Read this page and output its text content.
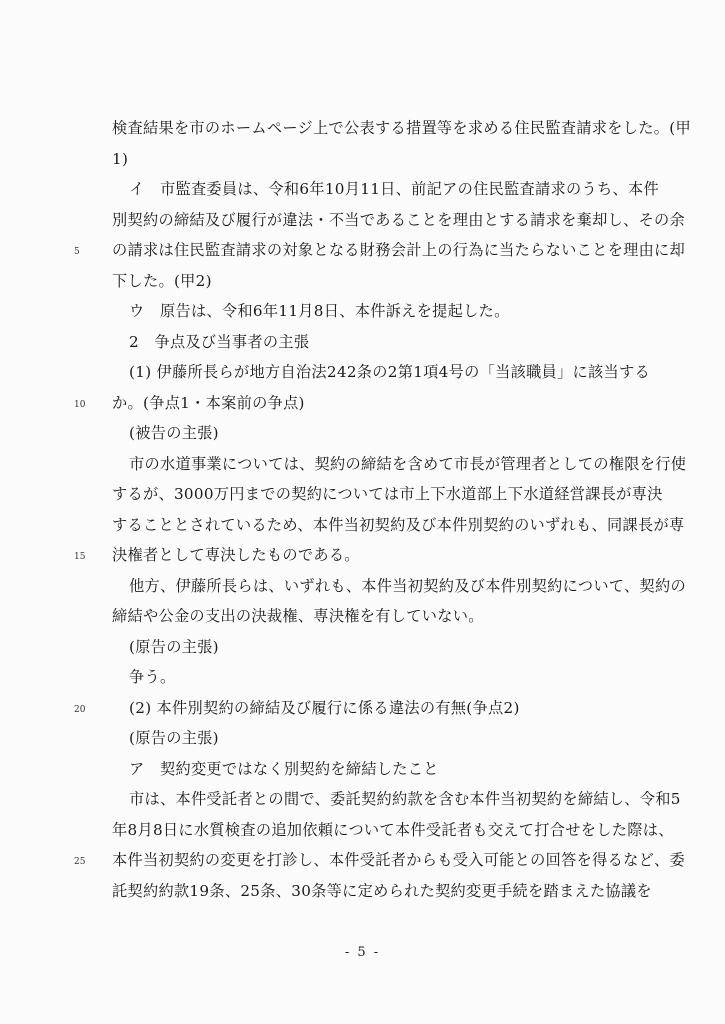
検査結果を市のホームページ上で公表する措置等を求める住民監査請求をした。(甲
1)
イ　市監査委員は、令和6年10月11日、前記アの住民監査請求のうち、本件
別契約の締結及び履行が違法・不当であることを理由とする請求を棄却し、その余
の請求は住民監査請求の対象となる財務会計上の行為に当たらないことを理由に却
下した。(甲2)
ウ　原告は、令和6年11月8日、本件訴えを提起した。
2　争点及び当事者の主張
(1) 伊藤所長らが地方自治法242条の2第1項4号の「当該職員」に該当する
か。(争点1・本案前の争点)
(被告の主張)
市の水道事業については、契約の締結を含めて市長が管理者としての権限を行使
するが、3000万円までの契約については市上下水道部上下水道経営課長が専決
することとされているため、本件当初契約及び本件別契約のいずれも、同課長が専
決権者として専決したものである。
他方、伊藤所長らは、いずれも、本件当初契約及び本件別契約について、契約の
締結や公金の支出の決裁権、専決権を有していない。
(原告の主張)
争う。
(2) 本件別契約の締結及び履行に係る違法の有無(争点2)
(原告の主張)
ア　契約変更ではなく別契約を締結したこと
市は、本件受託者との間で、委託契約約款を含む本件当初契約を締結し、令和5
年8月8日に水質検査の追加依頼について本件受託者も交えて打合せをした際は、
本件当初契約の変更を打診し、本件受託者からも受入可能との回答を得るなど、委
託契約約款19条、25条、30条等に定められた契約変更手続を踏まえた協議を
5
10
15
20
25
- 5 -
